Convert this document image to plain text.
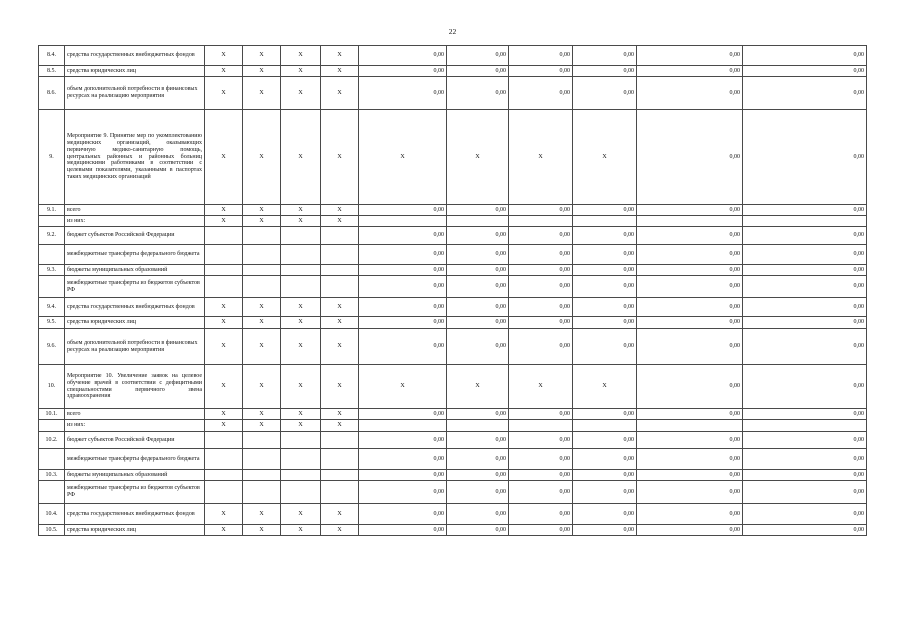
22
8.4.	средства государственных внебюджетных фондов	X	X	X	X	0,00	0,00	0,00	0,00	0,00	0,00
8.5.	средства юридических лиц	X	X	X	X	0,00	0,00	0,00	0,00	0,00	0,00
8.6.	объем дополнительной потребности в финансовых ресурсах на реализацию мероприятия	X	X	X	X	0,00	0,00	0,00	0,00	0,00	0,00
9.	Мероприятие 9. Принятие мер по укомплектованию медицинских организаций, оказывающих первичную медико-санитарную помощь, центральных районных и районных больниц медицинскими работниками в соответствии с целевыми показателями, указанными в паспортах таких медицинских организаций	X	X	X	X	X	X	X	X	0,00	0,00
9.1.	всего	X	X	X	X	0,00	0,00	0,00	0,00	0,00	0,00
	из них:	X	X	X	X						
9.2.	бюджет субъектов Российской Федерации					0,00	0,00	0,00	0,00	0,00	0,00
	межбюджетные трансферты федерального бюджета					0,00	0,00	0,00	0,00	0,00	0,00
9.3.	бюджеты муниципальных образований					0,00	0,00	0,00	0,00	0,00	0,00
	межбюджетные трансферты из бюджетов субъектов РФ					0,00	0,00	0,00	0,00	0,00	0,00
9.4.	средства государственных внебюджетных фондов	X	X	X	X	0,00	0,00	0,00	0,00	0,00	0,00
9.5.	средства юридических лиц	X	X	X	X	0,00	0,00	0,00	0,00	0,00	0,00
9.6.	объем дополнительной потребности в финансовых ресурсах на реализацию мероприятия	X	X	X	X	0,00	0,00	0,00	0,00	0,00	0,00
10.	Мероприятие 10. Увеличение заявок на целевое обучение врачей в соответствии с дефицитными специальностями первичного звена здравоохранения	X	X	X	X	X	X	X	X	0,00	0,00
10.1.	всего	X	X	X	X	0,00	0,00	0,00	0,00	0,00	0,00
	из них:	X	X	X	X						
10.2.	бюджет субъектов Российской Федерации					0,00	0,00	0,00	0,00	0,00	0,00
	межбюджетные трансферты федерального бюджета					0,00	0,00	0,00	0,00	0,00	0,00
10.3.	бюджеты муниципальных образований					0,00	0,00	0,00	0,00	0,00	0,00
	межбюджетные трансферты из бюджетов субъектов РФ					0,00	0,00	0,00	0,00	0,00	0,00
10.4.	средства государственных внебюджетных фондов	X	X	X	X	0,00	0,00	0,00	0,00	0,00	0,00
10.5.	средства юридических лиц	X	X	X	X	0,00	0,00	0,00	0,00	0,00	0,00
